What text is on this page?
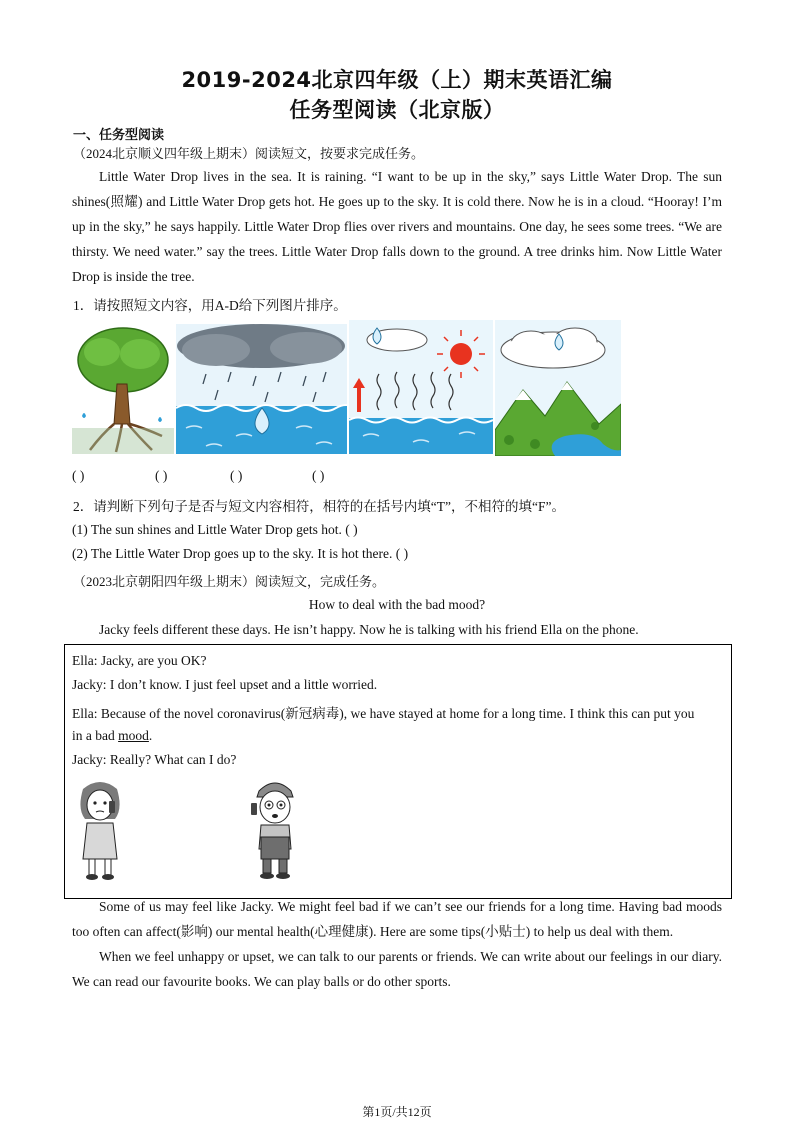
2019-2024北京四年级（上）期末英语汇编
任务型阅读（北京版）
一、任务型阅读
（2024北京顺义四年级上期末）阅读短文，按要求完成任务。

Little Water Drop lives in the sea. It is raining. “I want to be up in the sky,” says Little Water Drop. The sun shines(照耀) and Little Water Drop gets hot. He goes up to the sky. It is cold there. Now he is in a cloud. “Hooray! I’m up in the sky,” he says happily. Little Water Drop flies over rivers and mountains. One day, he sees some trees. “We are thirsty. We need water.” say the trees. Little Water Drop falls down to the ground. A tree drinks him. Now Little Water Drop is inside the tree.

1．请按照短文内容，用A-D给下列图片排序。
( )	( )	( )	( )
2．请判断下列句子是否与短文内容相符，相符的在括号内填“T”，不相符的填“F”。
(1) The sun shines and Little Water Drop gets hot. ( )
(2) The Little Water Drop goes up to the sky. It is hot there. ( )
（2023北京朝阳四年级上期末）阅读短文，完成任务。
How to deal with the bad mood?
Jacky feels different these days. He isn’t happy. Now he is talking with his friend Ella on the phone.
Ella: Jacky, are you OK?
Jacky: I don’t know. I just feel upset and a little worried.
Ella: Because of the novel coronavirus(新冠病毒), we have stayed at home for a long time. I think this can put you
in a bad mood.
Jacky: Really? What can I do?

Some of us may feel like Jacky. We might feel bad if we can’t see our friends for a long time. Having bad moods too often can affect(影响) our mental health(心理健康). Here are some tips(小贴士) to help us deal with them.

When we feel unhappy or upset, we can talk to our parents or friends. We can write about our feelings in our diary. We can read our favourite books. We can play balls or do other sports.

第1页/共12页
